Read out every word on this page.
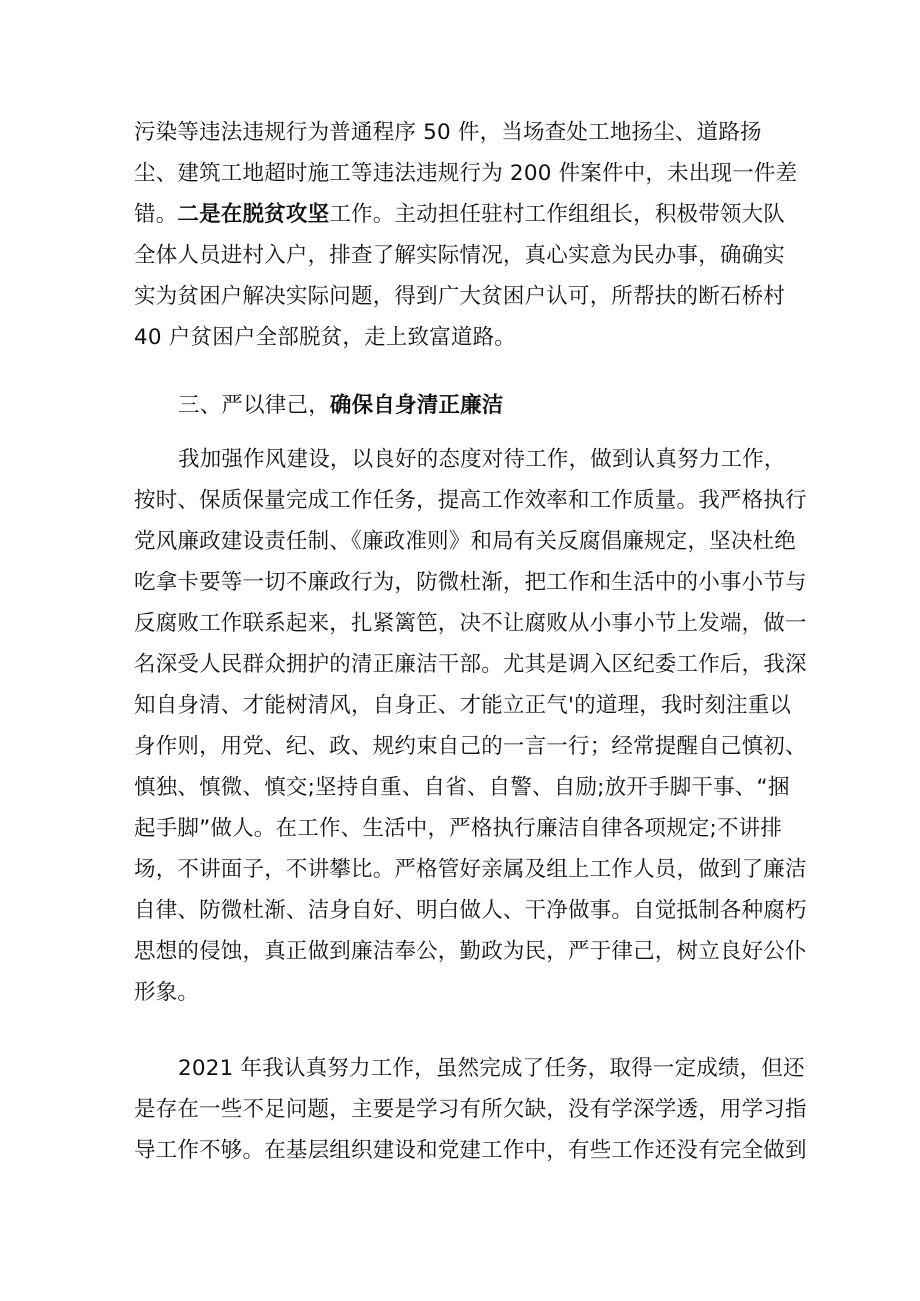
污染等违法违规行为普通程序 50 件，当场查处工地扬尘、道路扬
尘、建筑工地超时施工等违法违规行为 200 件案件中，未出现一件差
错。二是在脱贫攻坚工作。主动担任驻村工作组组长，积极带领大队
全体人员进村入户，排查了解实际情况，真心实意为民办事，确确实
实为贫困户解决实际问题，得到广大贫困户认可，所帮扶的断石桥村
40 户贫困户全部脱贫，走上致富道路。
三、严以律己，确保自身清正廉洁
我加强作风建设，以良好的态度对待工作，做到认真努力工作，
按时、保质保量完成工作任务，提高工作效率和工作质量。我严格执行
党风廉政建设责任制、《廉政准则》和局有关反腐倡廉规定，坚决杜绝
吃拿卡要等一切不廉政行为，防微杜渐，把工作和生活中的小事小节与
反腐败工作联系起来，扎紧篱笆，决不让腐败从小事小节上发端，做一
名深受人民群众拥护的清正廉洁干部。尤其是调入区纪委工作后，我深
知自身清、才能树清风，自身正、才能立正气'的道理，我时刻注重以
身作则，用党、纪、政、规约束自己的一言一行；经常提醒自己慎初、
慎独、慎微、慎交;坚持自重、自省、自警、自励;放开手脚干事、“捆
起手脚”做人。在工作、生活中，严格执行廉洁自律各项规定;不讲排
场，不讲面子，不讲攀比。严格管好亲属及组上工作人员，做到了廉洁
自律、防微杜渐、洁身自好、明白做人、干净做事。自觉抵制各种腐朽
思想的侵蚀，真正做到廉洁奉公，勤政为民，严于律己，树立良好公仆
形象。
2021 年我认真努力工作，虽然完成了任务，取得一定成绩，但还
是存在一些不足问题，主要是学习有所欠缺，没有学深学透，用学习指
导工作不够。在基层组织建设和党建工作中，有些工作还没有完全做到
